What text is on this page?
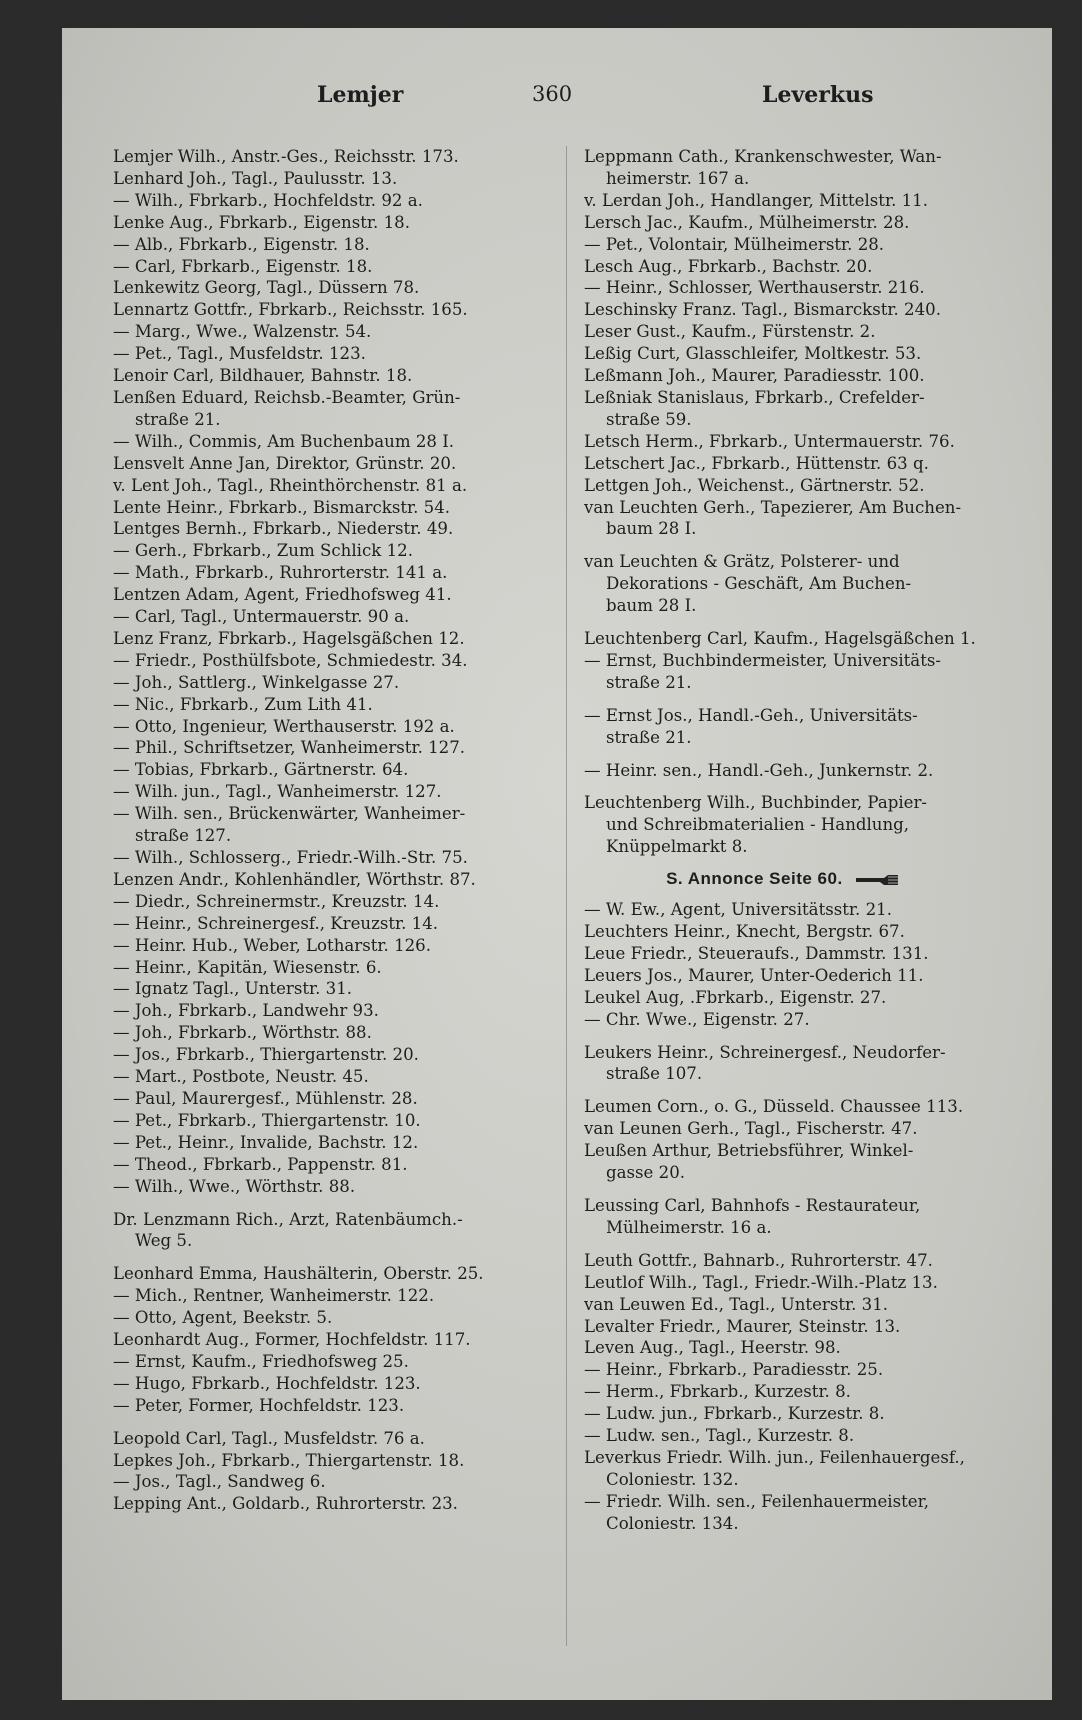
Lemjer	360	Leverkus
Lemjer Wilh., Anstr.-Ges., Reichsstr. 173.
Lenhard Joh., Tagl., Paulusstr. 13.
— Wilh., Fbrkarb., Hochfeldstr. 92 a.
Lenke Aug., Fbrkarb., Eigenstr. 18.
— Alb., Fbrkarb., Eigenstr. 18.
— Carl, Fbrkarb., Eigenstr. 18.
Lenkewitz Georg, Tagl., Düssern 78.
Lennartz Gottfr., Fbrkarb., Reichsstr. 165.
— Marg., Wwe., Walzenstr. 54.
— Pet., Tagl., Musfeldstr. 123.
Lenoir Carl, Bildhauer, Bahnstr. 18.
Lenßen Eduard, Reichsb.-Beamter, Grün-
straße 21.
— Wilh., Commis, Am Buchenbaum 28 I.
Lensvelt Anne Jan, Direktor, Grünstr. 20.
v. Lent Joh., Tagl., Rheinthörchenstr. 81 a.
Lente Heinr., Fbrkarb., Bismarckstr. 54.
Lentges Bernh., Fbrkarb., Niederstr. 49.
— Gerh., Fbrkarb., Zum Schlick 12.
— Math., Fbrkarb., Ruhrorterstr. 141 a.
Lentzen Adam, Agent, Friedhofsweg 41.
— Carl, Tagl., Untermauerstr. 90 a.
Lenz Franz, Fbrkarb., Hagelsgäßchen 12.
— Friedr., Posthülfsbote, Schmiedestr. 34.
— Joh., Sattlerg., Winkelgasse 27.
— Nic., Fbrkarb., Zum Lith 41.
— Otto, Ingenieur, Werthauserstr. 192 a.
— Phil., Schriftsetzer, Wanheimerstr. 127.
— Tobias, Fbrkarb., Gärtnerstr. 64.
— Wilh. jun., Tagl., Wanheimerstr. 127.
— Wilh. sen., Brückenwärter, Wanheimer-
straße 127.
— Wilh., Schlosserg., Friedr.-Wilh.-Str. 75.
Lenzen Andr., Kohlenhändler, Wörthstr. 87.
— Diedr., Schreinermstr., Kreuzstr. 14.
— Heinr., Schreinergesf., Kreuzstr. 14.
— Heinr. Hub., Weber, Lotharstr. 126.
— Heinr., Kapitän, Wiesenstr. 6.
— Ignatz Tagl., Unterstr. 31.
— Joh., Fbrkarb., Landwehr 93.
— Joh., Fbrkarb., Wörthstr. 88.
— Jos., Fbrkarb., Thiergartenstr. 20.
— Mart., Postbote, Neustr. 45.
— Paul, Maurergesf., Mühlenstr. 28.
— Pet., Fbrkarb., Thiergartenstr. 10.
— Pet., Heinr., Invalide, Bachstr. 12.
— Theod., Fbrkarb., Pappenstr. 81.
— Wilh., Wwe., Wörthstr. 88.
Dr. Lenzmann Rich., Arzt, Ratenbäumch.-
Weg 5.
Leonhard Emma, Haushälterin, Oberstr. 25.
— Mich., Rentner, Wanheimerstr. 122.
— Otto, Agent, Beekstr. 5.
Leonhardt Aug., Former, Hochfeldstr. 117.
— Ernst, Kaufm., Friedhofsweg 25.
— Hugo, Fbrkarb., Hochfeldstr. 123.
— Peter, Former, Hochfeldstr. 123.
Leopold Carl, Tagl., Musfeldstr. 76 a.
Lepkes Joh., Fbrkarb., Thiergartenstr. 18.
— Jos., Tagl., Sandweg 6.
Lepping Ant., Goldarb., Ruhrorterstr. 23.
Leppmann Cath., Krankenschwester, Wan-
heimerstr. 167 a.
v. Lerdan Joh., Handlanger, Mittelstr. 11.
Lersch Jac., Kaufm., Mülheimerstr. 28.
— Pet., Volontair, Mülheimerstr. 28.
Lesch Aug., Fbrkarb., Bachstr. 20.
— Heinr., Schlosser, Werthauserstr. 216.
Leschinsky Franz. Tagl., Bismarckstr. 240.
Leser Gust., Kaufm., Fürstenstr. 2.
Leßig Curt, Glasschleifer, Moltkestr. 53.
Leßmann Joh., Maurer, Paradiesstr. 100.
Leßniak Stanislaus, Fbrkarb., Crefelder-
straße 59.
Letsch Herm., Fbrkarb., Untermauerstr. 76.
Letschert Jac., Fbrkarb., Hüttenstr. 63 q.
Lettgen Joh., Weichenst., Gärtnerstr. 52.
van Leuchten Gerh., Tapezierer, Am Buchen-
baum 28 I.
van Leuchten & Grätz, Polsterer- und
Dekorations - Geschäft, Am Buchen-
baum 28 I.
Leuchtenberg Carl, Kaufm., Hagelsgäßchen 1.
— Ernst, Buchbindermeister, Universitäts-
straße 21.
— Ernst Jos., Handl.-Geh., Universitäts-
straße 21.
— Heinr. sen., Handl.-Geh., Junkernstr. 2.
Leuchtenberg Wilh., Buchbinder, Papier-
und Schreibmaterialien - Handlung,
Knüppelmarkt 8.
S. Annonce Seite 60.
— W. Ew., Agent, Universitätsstr. 21.
Leuchters Heinr., Knecht, Bergstr. 67.
Leue Friedr., Steueraufs., Dammstr. 131.
Leuers Jos., Maurer, Unter-Oederich 11.
Leukel Aug, .Fbrkarb., Eigenstr. 27.
— Chr. Wwe., Eigenstr. 27.
Leukers Heinr., Schreinergesf., Neudorfer-
straße 107.
Leumen Corn., o. G., Düsseld. Chaussee 113.
van Leunen Gerh., Tagl., Fischerstr. 47.
Leußen Arthur, Betriebsführer, Winkel-
gasse 20.
Leussing Carl, Bahnhofs - Restaurateur,
Mülheimerstr. 16 a.
Leuth Gottfr., Bahnarb., Ruhrorterstr. 47.
Leutlof Wilh., Tagl., Friedr.-Wilh.-Platz 13.
van Leuwen Ed., Tagl., Unterstr. 31.
Levalter Friedr., Maurer, Steinstr. 13.
Leven Aug., Tagl., Heerstr. 98.
— Heinr., Fbrkarb., Paradiesstr. 25.
— Herm., Fbrkarb., Kurzestr. 8.
— Ludw. jun., Fbrkarb., Kurzestr. 8.
— Ludw. sen., Tagl., Kurzestr. 8.
Leverkus Friedr. Wilh. jun., Feilenhauergesf.,
Coloniestr. 132.
— Friedr. Wilh. sen., Feilenhauermeister,
Coloniestr. 134.
